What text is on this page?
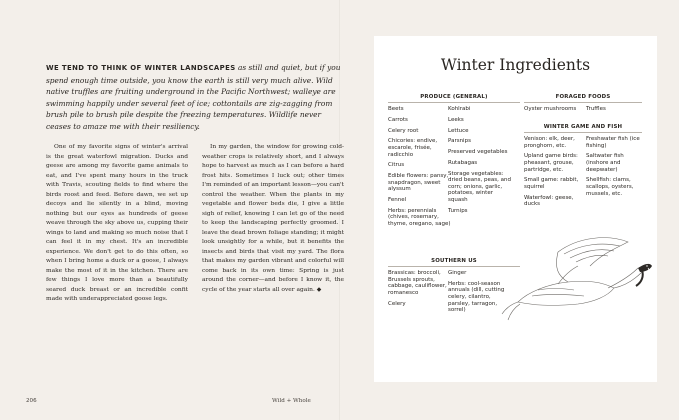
WE TEND TO THINK OF WINTER LANDSCAPES as still and quiet, but if you spend enough time outside, you know the earth is still very much alive. Wild native truffles are fruiting underground in the Pacific Northwest; walleye are swimming happily under several feet of ice; cottontails are zig-zagging from brush pile to brush pile despite the freezing temperatures. Wildlife never ceases to amaze me with their resiliency.

One of my favorite signs of winter's arrival is the great waterfowl migration. Ducks and geese are among my favorite game animals to eat, and I've spent many hours in the truck with Travis, scouting fields to find where the birds roost and feed. Before dawn, we set up decoys and lie silently in a blind, moving nothing but our eyes as hundreds of geese weave through the sky above us, cupping their wings to land and making so much noise that I can feel it in my chest. It's an incredible experience. We don't get to do this often, so when I bring home a duck or a goose, I always make the most of it in the kitchen. There are few things I love more than a beautifully seared duck breast or an incredible confit made with underappreciated goose legs.

In my garden, the window for growing cold-weather crops is relatively short, and I always hope to harvest as much as I can before a hard frost hits. Sometimes I luck out; other times I'm reminded of an important lesson—you can't control the weather. When the plants in my vegetable and flower beds die, I give a little sigh of relief, knowing I can let go of the need to keep the landscaping perfectly groomed. I leave the dead brown foliage standing; it might look unsightly for a while, but it benefits the insects and birds that visit my yard. The flora that makes my garden vibrant and colorful will come back in its own time: Spring is just around the corner—and before I know it, the cycle of the year starts all over again. ◆

206	Wild + Whole
Winter Ingredients
PRODUCE (GENERAL)
Beets
Carrots
Celery root
Chicories: endive, escarole, frisée, radicchio
Citrus
Edible flowers: pansy, snapdragon, sweet alyssum
Fennel
Herbs: perennials (chives, rosemary, thyme, oregano, sage)
Kohlrabi
Leeks
Lettuce
Parsnips
Preserved vegetables
Rutabagas
Storage vegetables: dried beans, peas, and corn; onions, garlic, potatoes, winter squash
Turnips
FORAGED FOODS
Oyster mushrooms	Truffles
WINTER GAME AND FISH
Venison: elk, deer, pronghorn, etc.
Upland game birds: pheasant, grouse, partridge, etc.
Small game: rabbit, squirrel
Waterfowl: geese, ducks
Freshwater fish (ice fishing)
Saltwater fish (inshore and deepwater)
Shellfish: clams, scallops, oysters, mussels, etc.
SOUTHERN US
Brassicas: broccoli, Brussels sprouts, cabbage, cauliflower, romanesco
Celery
Ginger
Herbs: cool-season annuals (dill, cutting celery, cilantro, parsley, tarragon, sorrel)
